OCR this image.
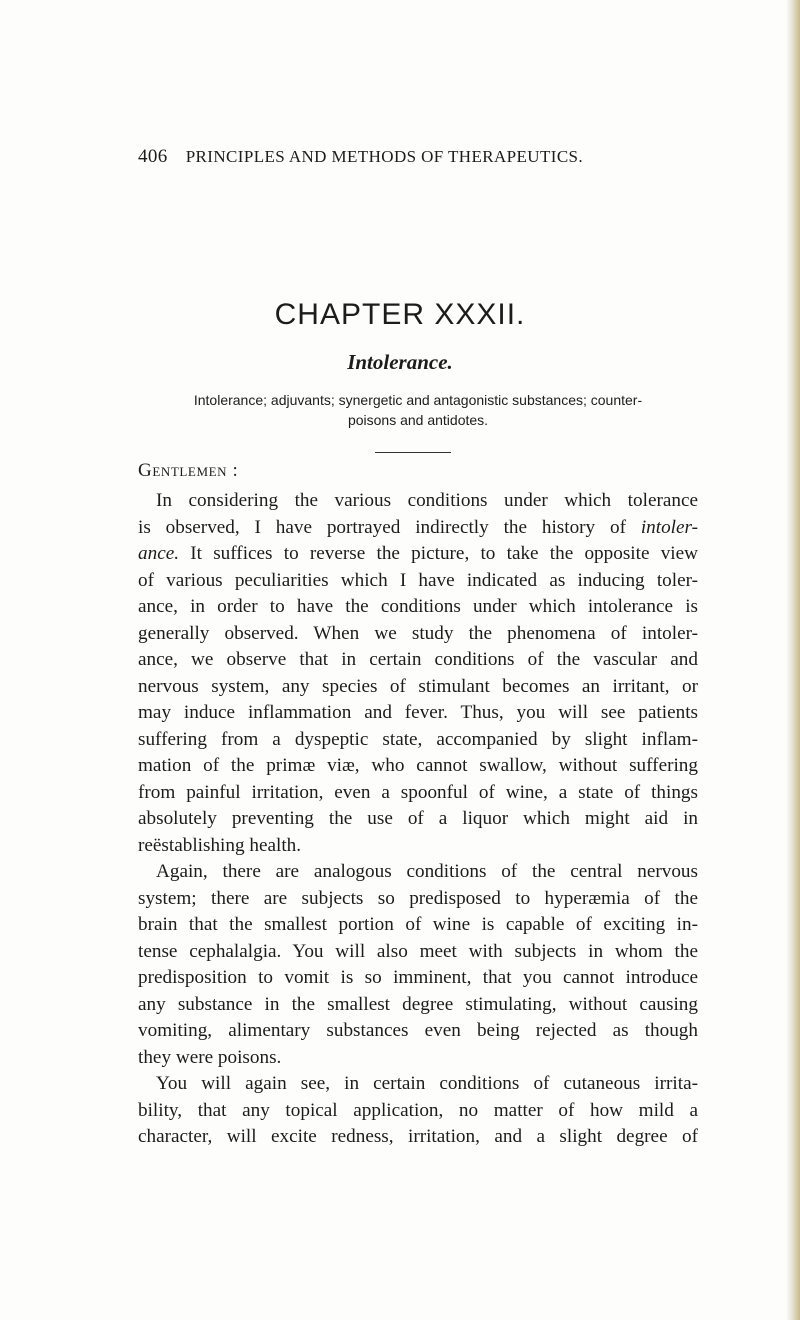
406 PRINCIPLES AND METHODS OF THERAPEUTICS.
CHAPTER XXXII.
Intolerance.
Intolerance; adjuvants; synergetic and antagonistic substances; counter-
poisons and antidotes.
Gentlemen :
In considering the various conditions under which tolerance
is observed, I have portrayed indirectly the history of intoler-
ance. It suffices to reverse the picture, to take the opposite view
of various peculiarities which I have indicated as inducing toler-
ance, in order to have the conditions under which intolerance is
generally observed. When we study the phenomena of intoler-
ance, we observe that in certain conditions of the vascular and
nervous system, any species of stimulant becomes an irritant, or
may induce inflammation and fever. Thus, you will see patients
suffering from a dyspeptic state, accompanied by slight inflam-
mation of the primæ viæ, who cannot swallow, without suffering
from painful irritation, even a spoonful of wine, a state of things
absolutely preventing the use of a liquor which might aid in
reëstablishing health.
Again, there are analogous conditions of the central nervous
system; there are subjects so predisposed to hyperæmia of the
brain that the smallest portion of wine is capable of exciting in-
tense cephalalgia. You will also meet with subjects in whom the
predisposition to vomit is so imminent, that you cannot introduce
any substance in the smallest degree stimulating, without causing
vomiting, alimentary substances even being rejected as though
they were poisons.
You will again see, in certain conditions of cutaneous irrita-
bility, that any topical application, no matter of how mild a
character, will excite redness, irritation, and a slight degree of
